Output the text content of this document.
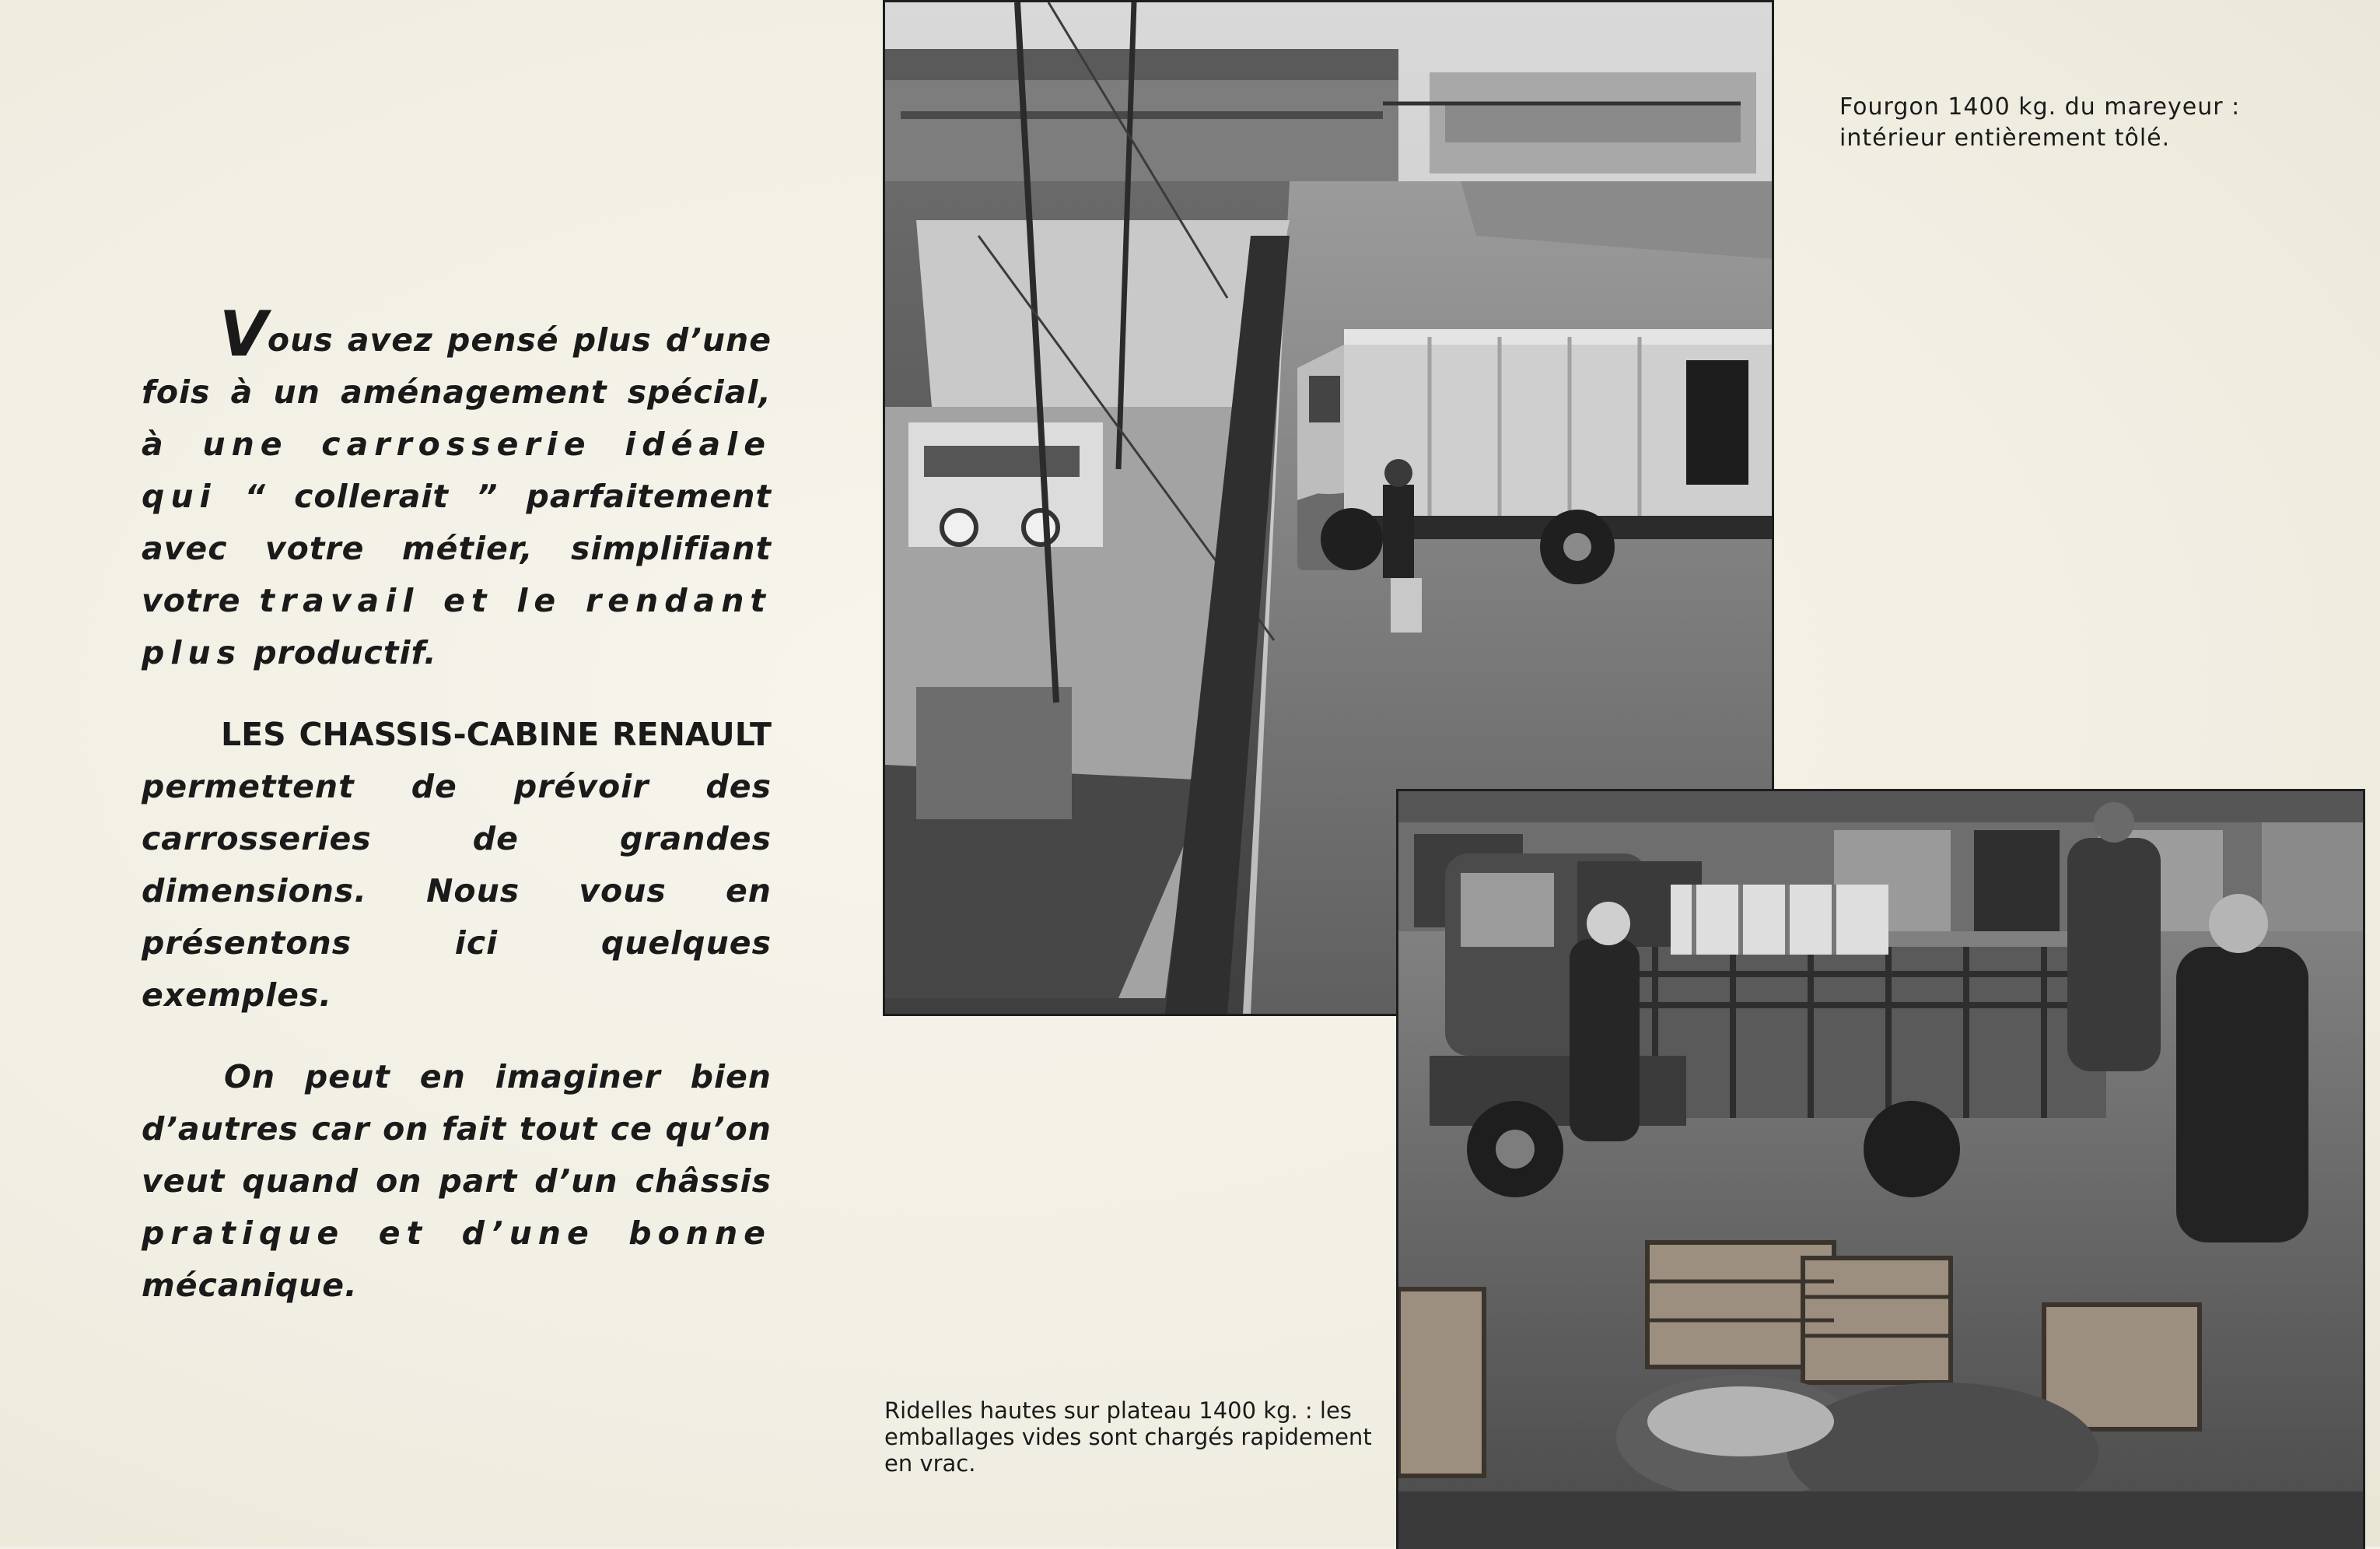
Vous avez pensé plus d’une fois à un aménagement spécial, à une carrosserie idéale qui “ collerait ” parfaitement avec votre métier, simplifiant votre travail et le rendant plus productif.

LES CHASSIS-CABINE RENAULT permettent de prévoir des carrosseries de grandes dimensions. Nous vous en présentons ici quelques exemples.

On peut en imaginer bien d’autres car on fait tout ce qu’on veut quand on part d’un châssis pratique et d’une bonne mécanique.

Fourgon 1400 kg. du mareyeur : intérieur entièrement tôlé.
Ridelles hautes sur plateau 1400 kg. : les emballages vides sont chargés rapidement en vrac.
